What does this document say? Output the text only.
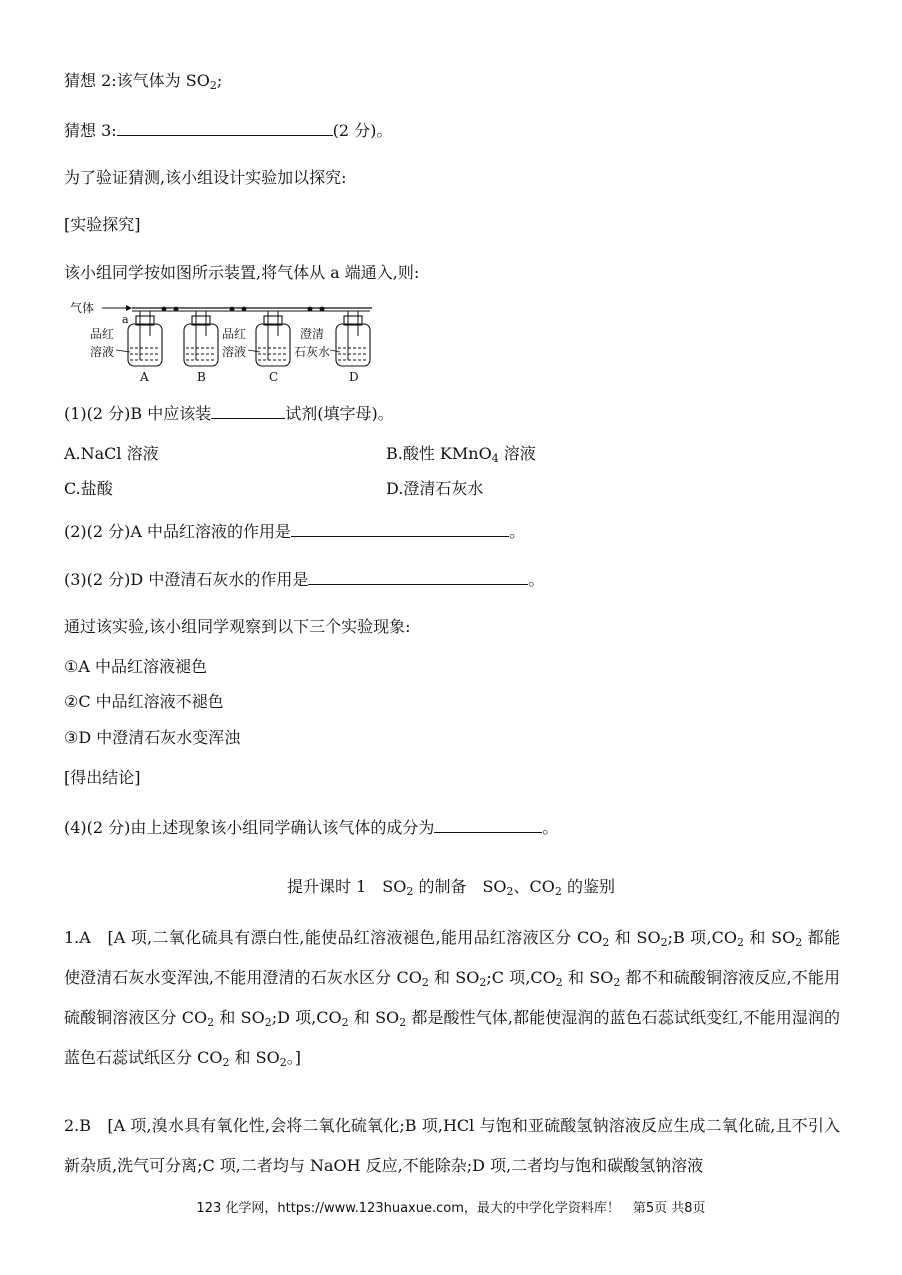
猜想 2:该气体为 $SO_2$;
猜想 3:	(2 分)。
为了验证猜测,该小组设计实验加以探究:
[实验探究]
该小组同学按如图所示装置,将气体从 a 端通入,则:
气体
a
品红
溶液
品红
溶液
澄清
石灰水
A	B	C	D
(1)(2 分)B 中应该装	试剂(填字母)。
A.NaCl 溶液	B.酸性 KMnO$_4$ 溶液
C.盐酸	D.澄清石灰水
(2)(2 分)A 中品红溶液的作用是	。
(3)(2 分)D 中澄清石灰水的作用是	。
通过该实验,该小组同学观察到以下三个实验现象:
①A 中品红溶液褪色
②C 中品红溶液不褪色
③D 中澄清石灰水变浑浊
[得出结论]
(4)(2 分)由上述现象该小组同学确认该气体的成分为	。
提升课时 1　$SO_2$ 的制备　$SO_2$、$CO_2$ 的鉴别
1.A　[A 项,二氧化硫具有漂白性,能使品红溶液褪色,能用品红溶液区分 $CO_2$ 和 $SO_2;B$ 项$,CO_2$ 和 $SO_2$ 都能使澄清石灰水变浑浊,不能用澄清的石灰水区分 $CO_2$ 和 $SO_2;C$ 项$,CO_2$ 和 $SO_2$ 都不和硫酸铜溶液反应,不能用硫酸铜溶液区分 $CO_2$ 和 $SO_2;D$ 项$,CO_2$ 和 $SO_2$ 都是酸性气体,都能使湿润的蓝色石蕊试纸变红,不能用湿润的蓝色石蕊试纸区分 $CO_2$ 和 $SO_2$。]
2.B　[A 项,溴水具有氧化性,会将二氧化硫氧化;B 项,HCl 与饱和亚硫酸氢钠溶液反应生成二氧化硫,且不引入新杂质,洗气可分离;C 项,二者均与 NaOH 反应,不能除杂;D 项,二者均与饱和碳酸氢钠溶液
123 化学网，https://www.123huaxue.com，最大的中学化学资料库！　第5页 共8页
